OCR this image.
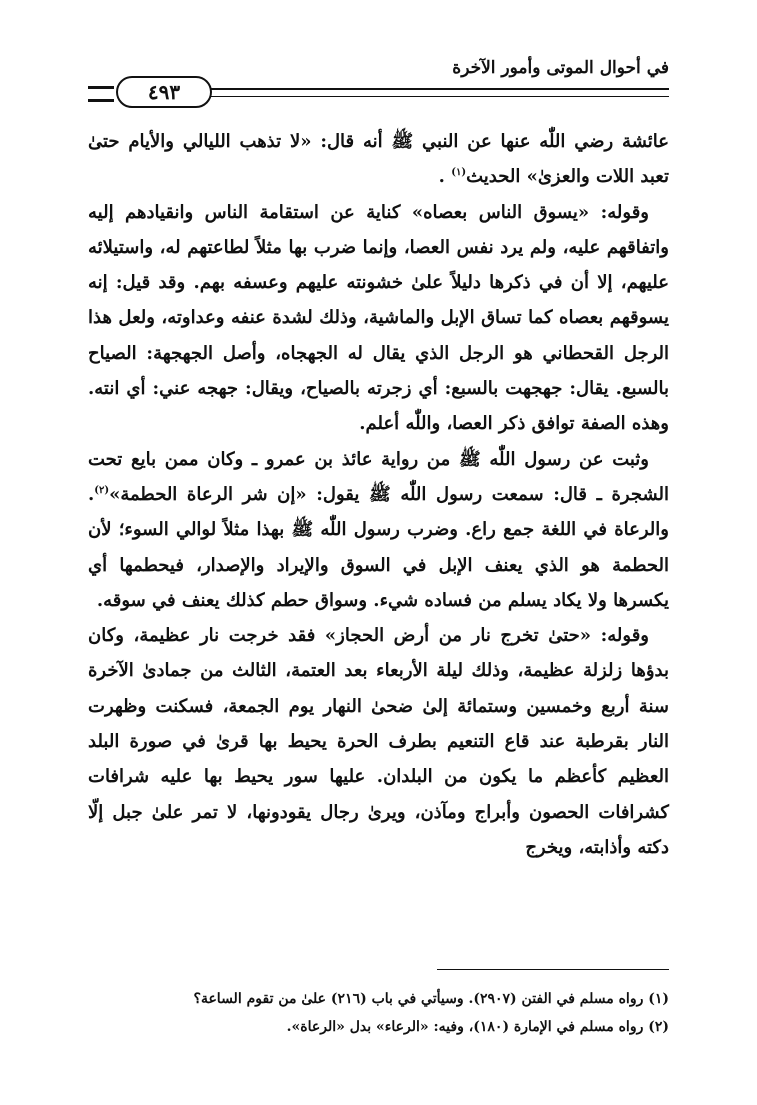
في أحوال الموتى وأمور الآخرة
٤٩٣

عائشة رضي اللّٰه عنها عن النبي ﷺ أنه قال: «لا تذهب الليالي والأيام حتىٰ تعبد اللات والعزىٰ» الحديث$^{(١)}$ .

وقوله: «يسوق الناس بعصاه» كناية عن استقامة الناس وانقيادهم إليه واتفاقهم عليه، ولم يرد نفس العصا، وإنما ضرب بها مثلاً لطاعتهم له، واستيلائه عليهم، إلا أن في ذكرها دليلاً علىٰ خشونته عليهم وعسفه بهم. وقد قيل: إنه يسوقهم بعصاه كما تساق الإبل والماشية، وذلك لشدة عنفه وعداوته، ولعل هذا الرجل القحطاني هو الرجل الذي يقال له الجهجاه، وأصل الجهجهة: الصياح بالسبع. يقال: جهجهت بالسبع: أي زجرته بالصياح، ويقال: جهجه عني: أي انته. وهذه الصفة توافق ذكر العصا، واللّٰه أعلم.

وثبت عن رسول اللّٰه ﷺ من رواية عائذ بن عمرو ـ وكان ممن بايع تحت الشجرة ـ قال: سمعت رسول اللّٰه ﷺ يقول: «إن شر الرعاة الحطمة»$^{(٢)}$. والرعاة في اللغة جمع راع. وضرب رسول اللّٰه ﷺ بهذا مثلاً لوالي السوء؛ لأن الحطمة هو الذي يعنف الإبل في السوق والإيراد والإصدار، فيحطمها أي يكسرها ولا يكاد يسلم من فساده شيء. وسواق حطم كذلك يعنف في سوقه.

وقوله: «حتىٰ تخرج نار من أرض الحجاز» فقد خرجت نار عظيمة، وكان بدؤها زلزلة عظيمة، وذلك ليلة الأربعاء بعد العتمة، الثالث من جمادىٰ الآخرة سنة أربع وخمسين وستمائة إلىٰ ضحىٰ النهار يوم الجمعة، فسكنت وظهرت النار بقرطبة عند قاع التنعيم بطرف الحرة يحيط بها قرىٰ في صورة البلد العظيم كأعظم ما يكون من البلدان. عليها سور يحيط بها عليه شرافات كشرافات الحصون وأبراج ومآذن، ويرىٰ رجال يقودونها، لا تمر علىٰ جبل إلّا دكته وأذابته، ويخرج

(١) رواه مسلم في الفتن (٢٩٠٧). وسيأتي في باب (٢١٦) علىٰ من تقوم الساعة؟

(٢) رواه مسلم في الإمارة (١٨٠)، وفيه: «الرعاء» بدل «الرعاة».
